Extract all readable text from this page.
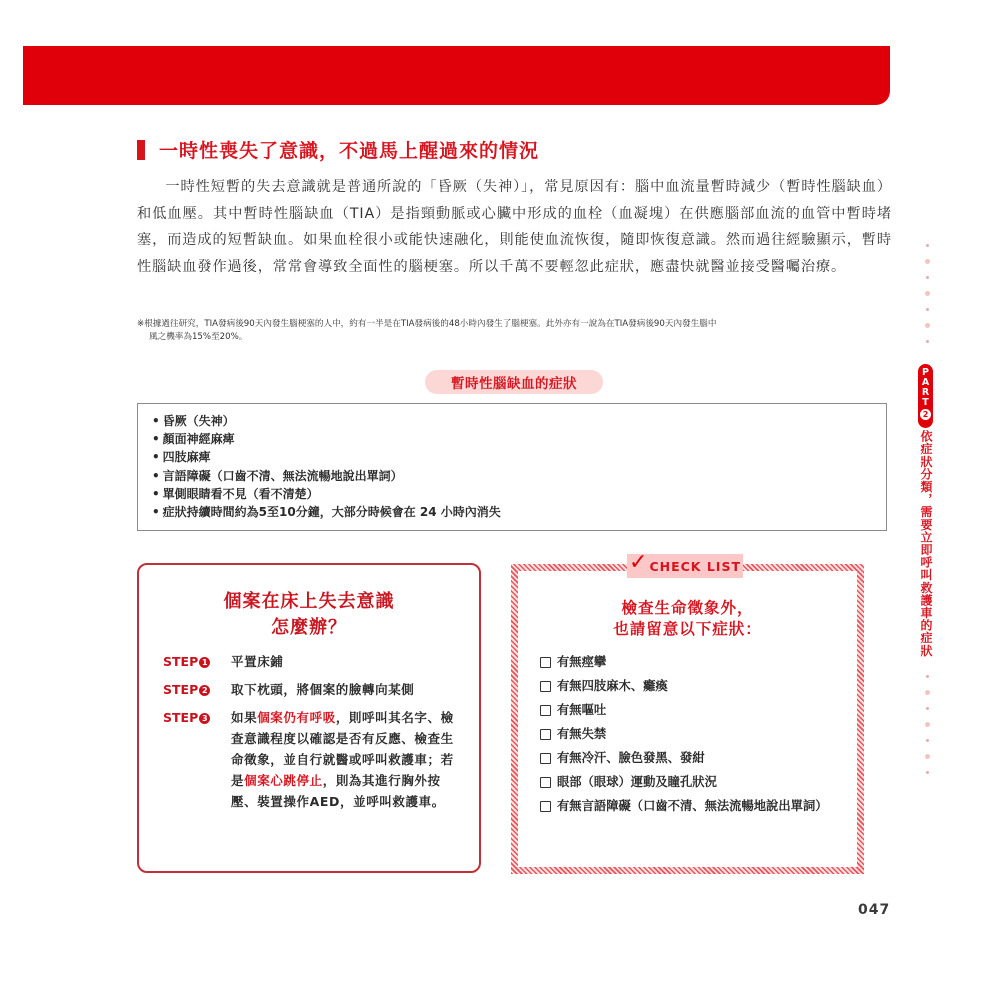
一時性喪失了意識，不過馬上醒過來的情況

一時性短暫的失去意識就是普通所說的「昏厥（失神）」，常見原因有：腦中血流量暫時減少（暫時性腦缺血）和低血壓。其中暫時性腦缺血（TIA）是指頸動脈或心臟中形成的血栓（血凝塊）在供應腦部血流的血管中暫時堵塞，而造成的短暫缺血。如果血栓很小或能快速融化，則能使血流恢復，隨即恢復意識。然而過往經驗顯示，暫時性腦缺血發作過後，常常會導致全面性的腦梗塞。所以千萬不要輕忽此症狀，應盡快就醫並接受醫囑治療。

※根據過往研究，TIA發病後90天內發生腦梗塞的人中，約有一半是在TIA發病後的48小時內發生了腦梗塞。此外亦有一說為在TIA發病後90天內發生腦中
風之機率為15%至20%。
暫時性腦缺血的症狀
• 昏厥（失神）
• 顏面神經麻痺
• 四肢麻痺
• 言語障礙（口齒不清、無法流暢地說出單詞）
• 單側眼睛看不見（看不清楚）
• 症狀持續時間約為5至10分鐘，大部分時候會在 24 小時內消失
個案在床上失去意識
怎麼辦？
STEP 1	平置床鋪
STEP 2	取下枕頭，將個案的臉轉向某側
STEP 3	如果個案仍有呼吸，則呼叫其名字、檢查意識程度以確認是否有反應、檢查生命徵象，並自行就醫或呼叫救護車；若是個案心跳停止，則為其進行胸外按壓、裝置操作AED，並呼叫救護車。
✓ CHECK LIST
檢查生命徵象外，
也請留意以下症狀：
有無痙攣
有無四肢麻木、癱瘓
有無嘔吐
有無失禁
有無冷汗、臉色發黑、發紺
眼部（眼球）運動及瞳孔狀況
有無言語障礙（口齒不清、無法流暢地說出單詞）
PART
2
依症狀分類，需要立即呼叫救護車的症狀
047
